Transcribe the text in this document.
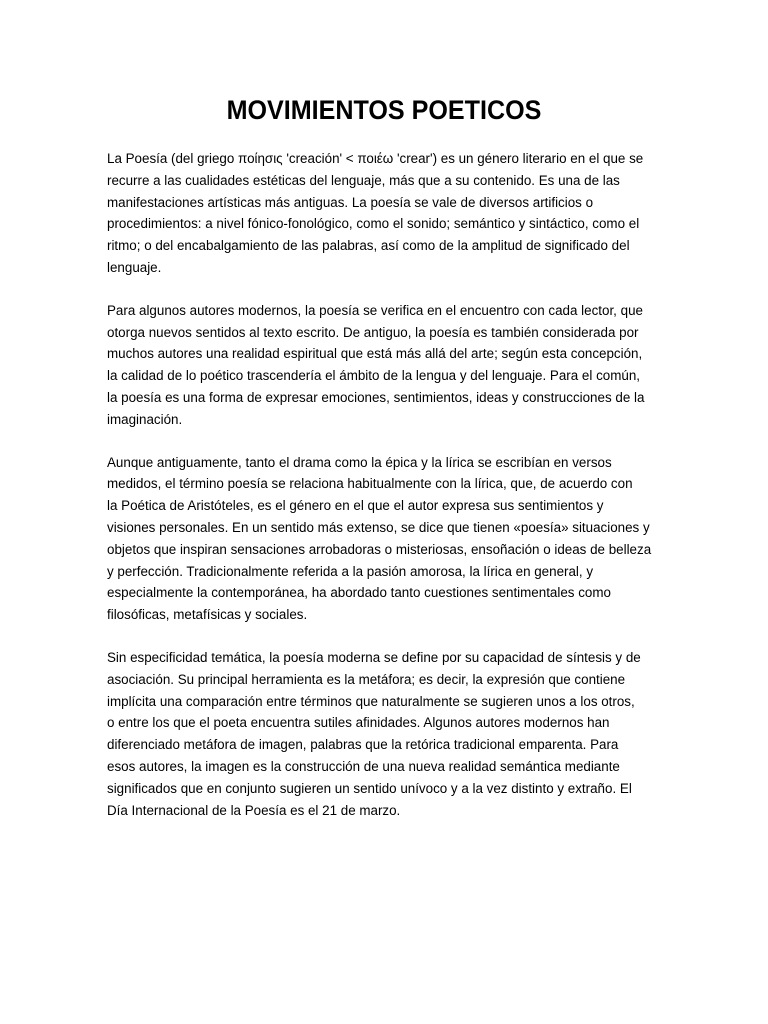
MOVIMIENTOS POETICOS

La Poesía (del griego ποίησις 'creación' < ποιέω 'crear') es un género literario en el que se
recurre a las cualidades estéticas del lenguaje, más que a su contenido. Es una de las
manifestaciones artísticas más antiguas. La poesía se vale de diversos artificios o
procedimientos: a nivel fónico-fonológico, como el sonido; semántico y sintáctico, como el
ritmo; o del encabalgamiento de las palabras, así como de la amplitud de significado del
lenguaje.

Para algunos autores modernos, la poesía se verifica en el encuentro con cada lector, que
otorga nuevos sentidos al texto escrito. De antiguo, la poesía es también considerada por
muchos autores una realidad espiritual que está más allá del arte; según esta concepción,
la calidad de lo poético trascendería el ámbito de la lengua y del lenguaje. Para el común,
la poesía es una forma de expresar emociones, sentimientos, ideas y construcciones de la
imaginación.

Aunque antiguamente, tanto el drama como la épica y la lírica se escribían en versos
medidos, el término poesía se relaciona habitualmente con la lírica, que, de acuerdo con
la Poética de Aristóteles, es el género en el que el autor expresa sus sentimientos y
visiones personales. En un sentido más extenso, se dice que tienen «poesía» situaciones y
objetos que inspiran sensaciones arrobadoras o misteriosas, ensoñación o ideas de belleza
y perfección. Tradicionalmente referida a la pasión amorosa, la lírica en general, y
especialmente la contemporánea, ha abordado tanto cuestiones sentimentales como
filosóficas, metafísicas y sociales.

Sin especificidad temática, la poesía moderna se define por su capacidad de síntesis y de
asociación. Su principal herramienta es la metáfora; es decir, la expresión que contiene
implícita una comparación entre términos que naturalmente se sugieren unos a los otros,
o entre los que el poeta encuentra sutiles afinidades. Algunos autores modernos han
diferenciado metáfora de imagen, palabras que la retórica tradicional emparenta. Para
esos autores, la imagen es la construcción de una nueva realidad semántica mediante
significados que en conjunto sugieren un sentido unívoco y a la vez distinto y extraño. El
Día Internacional de la Poesía es el 21 de marzo.
